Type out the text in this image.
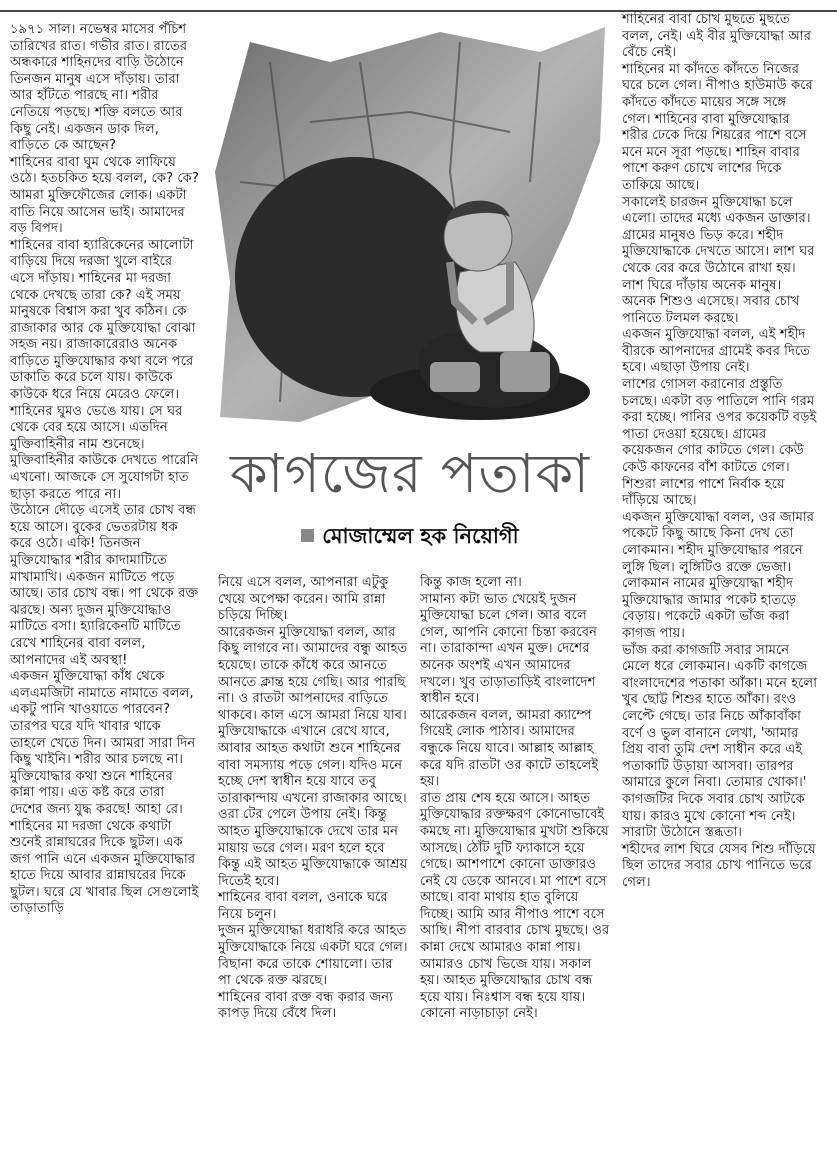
১৯৭১ সাল। নভেম্বর মাসের পঁচিশ তারিখের রাত। গভীর রাত। রাতের অন্ধকারে শাহিনদের বাড়ি উঠোনে তিনজন মানুষ এসে দাঁড়ায়। তারা আর হাঁটতে পারছে না। শরীর নেতিয়ে পড়ছে। শক্তি বলতে আর কিছু নেই। একজন ডাক দিল, বাড়িতে কে আছেন?

শাহিনের বাবা ঘুম থেকে লাফিয়ে ওঠে। হতচকিত হয়ে বলল, কে? কে?

আমরা মুক্তিফৌজের লোক। একটা বাতি নিয়ে আসেন ভাই। আমাদের বড় বিপদ।

শাহিনের বাবা হ্যারিকেনের আলোটা বাড়িয়ে দিয়ে দরজা খুলে বাইরে এসে দাঁড়ায়। শাহিনের মা দরজা থেকে দেখছে তারা কে? এই সময় মানুষকে বিশ্বাস করা খুব কঠিন। কে রাজাকার আর কে মুক্তিযোদ্ধা বোঝা সহজ নয়। রাজাকারেরাও অনেক বাড়িতে মুক্তিযোদ্ধার কথা বলে পরে ডাকাতি করে চলে যায়। কাউকে কাউকে ধরে নিয়ে মেরেও ফেলে।

শাহিনের ঘুমও ভেঙে যায়। সে ঘর থেকে বের হয়ে আসে। এতদিন মুক্তিবাহিনীর নাম শুনেছে। মুক্তিবাহিনীর কাউকে দেখতে পারেনি এখনো। আজকে সে সুযোগটা হাত ছাড়া করতে পারে না।

উঠোনে দৌড়ে এসেই তার চোখ বন্ধ হয়ে আসে। বুকের ভেতরটায় ধক করে ওঠে। একি! তিনজন মুক্তিযোদ্ধার শরীর কাদামাটিতে মাখামাখি। একজন মাটিতে পড়ে আছে। তার চোখ বন্ধ। পা থেকে রক্ত ঝরছে। অন্য দুজন মুক্তিযোদ্ধাও মাটিতে বসা। হ্যারিকেনটি মাটিতে রেখে শাহিনের বাবা বলল, আপনাদের এই অবস্থা!

একজন মুক্তিযোদ্ধা কাঁধ থেকে এলএমজিটা নামাতে নামাতে বলল, একটু পানি খাওয়াতে পারবেন? তারপর ঘরে যদি খাবার থাকে তাহলে খেতে দিন। আমরা সারা দিন কিছু খাইনি। শরীর আর চলছে না।

মুক্তিযোদ্ধার কথা শুনে শাহিনের কান্না পায়। এত কষ্ট করে তারা দেশের জন্য যুদ্ধ করছে! আহা রে।

শাহিনের মা দরজা থেকে কথাটা শুনেই রান্নাঘরের দিকে ছুটল। এক জগ পানি এনে একজন মুক্তিযোদ্ধার হাতে দিয়ে আবার রান্নাঘরের দিকে ছুটল। ঘরে যে খাবার ছিল সেগুলোই তাড়াতাড়ি

কাগজের পতাকা
মোজাম্মেল হক নিয়োগী

নিয়ে এসে বলল, আপনারা এটুকু খেয়ে অপেক্ষা করেন। আমি রান্না চড়িয়ে দিচ্ছি।

আরেকজন মুক্তিযোদ্ধা বলল, আর কিছু লাগবে না। আমাদের বন্ধু আহত হয়েছে। তাকে কাঁধে করে আনতে আনতে ক্লান্ত হয়ে গেছি। আর পারছি না। ও রাতটা আপনাদের বাড়িতে থাকবে। কাল এসে আমরা নিয়ে যাব।

মুক্তিযোদ্ধাকে এখানে রেখে যাবে, আবার আহত কথাটা শুনে শাহিনের বাবা সমস্যায় পড়ে গেল। যদিও মনে হচ্ছে দেশ স্বাধীন হয়ে যাবে তবু তারাকান্দায় এখনো রাজাকার আছে। ওরা টের পেলে উপায় নেই। কিন্তু আহত মুক্তিযোদ্ধাকে দেখে তার মন মায়ায় ভরে গেল। মরণ হলে হবে কিন্তু এই আহত মুক্তিযোদ্ধাকে আশ্রয় দিতেই হবে।

শাহিনের বাবা বলল, ওনাকে ঘরে নিয়ে চলুন।

দুজন মুক্তিযোদ্ধা ধরাধরি করে আহত মুক্তিযোদ্ধাকে নিয়ে একটা ঘরে গেল। বিছানা করে তাকে শোয়ালো। তার পা থেকে রক্ত ঝরছে।

শাহিনের বাবা রক্ত বন্ধ করার জন্য কাপড় দিয়ে বেঁধে দিল।

কিন্তু কাজ হলো না।

সামান্য কটা ভাত খেয়েই দুজন মুক্তিযোদ্ধা চলে গেল। আর বলে গেল, আপনি কোনো চিন্তা করবেন না। তারাকান্দা এখন মুক্ত। দেশের অনেক অংশই এখন আমাদের দখলে। খুব তাড়াতাড়িই বাংলাদেশ স্বাধীন হবে।

আরেকজন বলল, আমরা ক্যাম্পে গিয়েই লোক পাঠাব। আমাদের বন্ধুকে নিয়ে যাবে। আল্লাহ আল্লাহ করে যদি রাতটা ওর কাটে তাহলেই হয়।

রাত প্রায় শেষ হয়ে আসে। আহত মুক্তিযোদ্ধার রক্তক্ষরণ কোনোভাবেই কমছে না। মুক্তিযোদ্ধার মুখটা শুকিয়ে আসছে। ঠোঁট দুটি ফ্যাকাসে হয়ে গেছে। আশপাশে কোনো ডাক্তারও নেই যে ডেকে আনবে। মা পাশে বসে আছে। বাবা মাথায় হাত বুলিয়ে দিচ্ছে। আমি আর নীপাও পাশে বসে আছি। নীপা বারবার চোখ মুছছে। ওর কান্না দেখে আমারও কান্না পায়। আমারও চোখ ভিজে যায়। সকাল হয়। আহত মুক্তিযোদ্ধার চোখ বন্ধ হয়ে যায়। নিঃশ্বাস বন্ধ হয়ে যায়। কোনো নাড়াচাড়া নেই।

শাহিনের বাবা চোখ মুছতে মুছতে বলল, নেই। এই বীর মুক্তিযোদ্ধা আর বেঁচে নেই।

শাহিনের মা কাঁদতে কাঁদতে নিজের ঘরে চলে গেল। নীপাও হাউমাউ করে কাঁদতে কাঁদতে মায়ের সঙ্গে সঙ্গে গেল। শাহিনের বাবা মুক্তিযোদ্ধার শরীর ঢেকে দিয়ে শিয়রের পাশে বসে মনে মনে সূরা পড়ছে। শাহিন বাবার পাশে করুণ চোখে লাশের দিকে তাকিয়ে আছে।

সকালেই চারজন মুক্তিযোদ্ধা চলে এলো। তাদের মধ্যে একজন ডাক্তার।

গ্রামের মানুষও ভিড় করে। শহীদ মুক্তিযোদ্ধাকে দেখতে আসে। লাশ ঘর থেকে বের করে উঠোনে রাখা হয়। লাশ ঘিরে দাঁড়ায় অনেক মানুষ। অনেক শিশুও এসেছে। সবার চোখ পানিতে টলমল করছে।

একজন মুক্তিযোদ্ধা বলল, এই শহীদ বীরকে আপনাদের গ্রামেই কবর দিতে হবে। এছাড়া উপায় নেই।

লাশের গোসল করানোর প্রস্তুতি চলছে। একটা বড় পাতিলে পানি গরম করা হচ্ছে। পানির ওপর কয়েকটি বড়ই পাতা দেওয়া হয়েছে। গ্রামের কয়েকজন গোর কাটতে গেল। কেউ কেউ কাফনের বাঁশ কাটতে গেল। শিশুরা লাশের পাশে নির্বাক হয়ে দাঁড়িয়ে আছে।

একজন মুক্তিযোদ্ধা বলল, ওর জামার পকেটে কিছু আছে কিনা দেখ তো লোকমান। শহীদ মুক্তিযোদ্ধার পরনে লুঙ্গি ছিল। লুঙ্গিটিও রক্তে ভেজা।

লোকমান নামের মুক্তিযোদ্ধা শহীদ মুক্তিযোদ্ধার জামার পকেট হাতড়ে বেড়ায়। পকেটে একটা ভাঁজ করা কাগজ পায়।

ভাঁজ করা কাগজটি সবার সামনে মেলে ধরে লোকমান। একটি কাগজে বাংলাদেশের পতাকা আঁকা। মনে হলো খুব ছোট্ট শিশুর হাতে আঁকা। রংও লেপ্টে গেছে। তার নিচে আঁকাবাঁকা বর্ণে ও ভুল বানানে লেখা, 'আমার প্রিয় বাবা তুমি দেশ সাধীন করে এই পতাকাটি উড়ায়া আসবা। তারপর আমারে কুলে নিবা। তোমার খোকা।'

কাগজটির দিকে সবার চোখ আটকে যায়। কারও মুখে কোনো শব্দ নেই। সারাটা উঠোনে স্তব্ধতা।

শহীদের লাশ ঘিরে যেসব শিশু দাঁড়িয়ে ছিল তাদের সবার চোখ পানিতে ভরে গেল।
